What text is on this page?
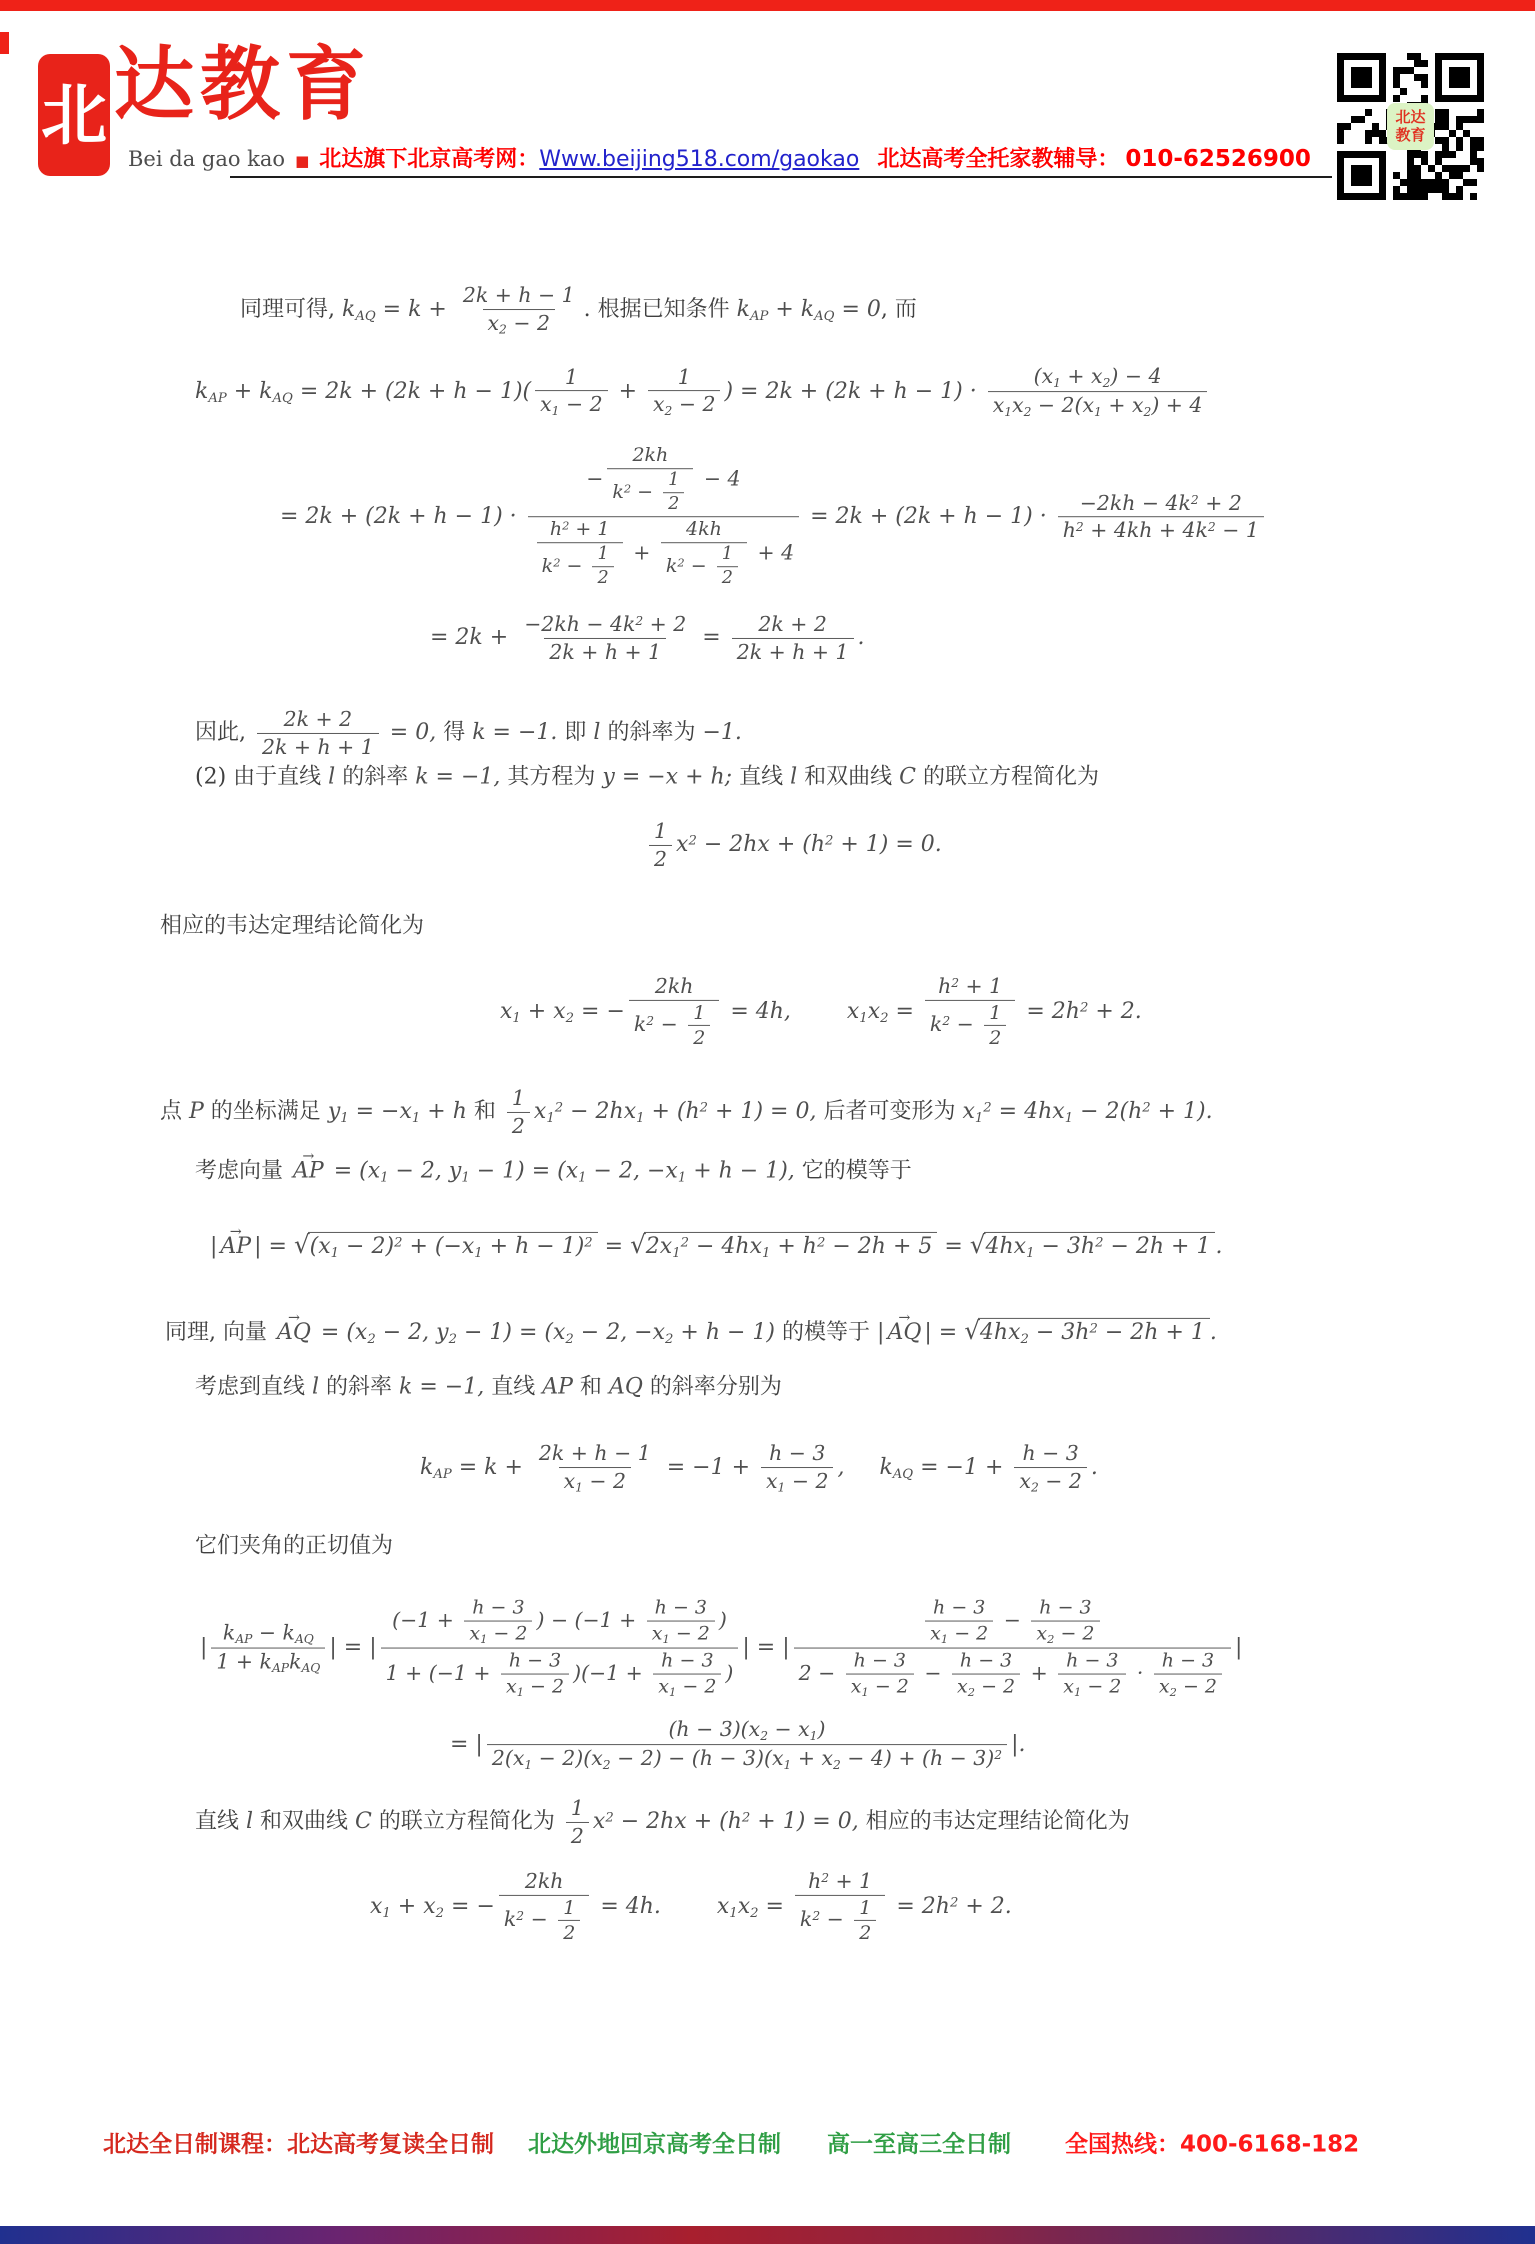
北 达教育
Bei da gao kao ■ 北达旗下北京高考网： Www.beijing518.com/gaokao 北达高考全托家教辅导： 010-62526900
北达
教育
同理可得, $k_{AQ} = k + \frac{2k + h - 1}{x_2 - 2}$ . 根据已知条件 $k_{AP} + k_{AQ} = 0$, 而
$k_{AP} + k_{AQ} = 2k + (2k + h - 1)( \frac{1}{x_1 - 2} + \frac{1}{x_2 - 2}$ ) = $2k + (2k + h - 1) \cdot \frac{(x_1 + x_2) - 4}{x_1x_2 - 2(x_1 + x_2) + 4}$
= $2k + (2k + h - 1) \cdot \frac{- \frac{2kh}{k^2 - \frac{1}{2}} - 4}{\frac{h^2 + 1}{k^2 - \frac{1}{2}} + \frac{4kh}{k^2 - \frac{1}{2}} + 4} = 2k + (2k + h - 1) \cdot \frac{-2kh - 4k^2 + 2}{h^2 + 4kh + 4k^2 - 1}$
= $2k + \frac{-2kh - 4k^2 + 2}{2k + h + 1} = \frac{2k + 2}{2k + h + 1}$ .
因此, $\frac{2k + 2}{2k + h + 1} = 0$, 得 k = −1. 即 l 的斜率为 −1.
(2) 由于直线 l 的斜率 k = −1, 其方程为 y = −x + h; 直线 l 和双曲线 C 的联立方程简化为
$\frac{1}{2} x^2 - 2hx + (h^2 + 1) = 0$.
相应的韦达定理结论简化为
$x_1 + x_2$ = − $\frac{2kh}{k^2 - \frac{1}{2}} = 4h$,	$x_1x_2 = \frac{h^2 + 1}{k^2 - \frac{1}{2}} = 2h^2 + 2$.
点 P 的坐标满足 $y_1 = -x_1 + h$ 和 $\frac{1}{2} x_1^2 - 2hx_1 + (h^2 + 1) = 0$, 后者可变形为 $x_1^2 = 4hx_1 - 2(h^2 + 1)$.
考虑向量 AP → = ($x_1 - 2$, $y_1 - 1) = (x_1 - 2$, $-x_1 + h - 1$), 它的模等于
| AP → | = √ $(x_1 - 2)^2 + (-x_1 + h - 1)^2$ = √ $2x_1^2 - 4hx_1 + h^2 - 2h + 5$ = √ $4hx_1 - 3h^2 - 2h + 1$ .
同理, 向量 AQ → = ($x_2 - 2$, $y_2 - 1) = (x_2 - 2$, $-x_2 + h - 1$) 的模等于 | AQ → | = √ $4hx_2 - 3h^2 - 2h + 1$ .
考虑到直线 l 的斜率 k = −1, 直线 AP 和 AQ 的斜率分别为
$k_{AP} = k + \frac{2k + h - 1}{x_1 - 2} = -1 + \frac{h - 3}{x_1 - 2}$ , $k_{AQ} = -1 + \frac{h - 3}{x_2 - 2}$ .
它们夹角的正切值为
| $\frac{k_{AP} - k_{AQ}}{1 + k_{AP}k_{AQ}}$ | = | $\frac{(-1 + \frac{h - 3}{x_1 - 2} ) - (-1 + \frac{h - 3}{x_1 - 2} )}{1 + (-1 + \frac{h - 3}{x_1 - 2} )(-1 + \frac{h - 3}{x_1 - 2} )}$ | = | $\frac{\frac{h - 3}{x_1 - 2} - \frac{h - 3}{x_2 - 2}}{2 - \frac{h - 3}{x_1 - 2} - \frac{h - 3}{x_2 - 2} + \frac{h - 3}{x_1 - 2} \cdot \frac{h - 3}{x_2 - 2}}$ |
= | $\frac{(h - 3)(x_2 - x_1)}{2(x_1 - 2)(x_2 - 2) - (h - 3)(x_1 + x_2 - 4) + (h - 3)^2}$ |.
直线 l 和双曲线 C 的联立方程简化为 $\frac{1}{2} x^2 - 2hx + (h^2 + 1) = 0$, 相应的韦达定理结论简化为
$x_1 + x_2$ = − $\frac{2kh}{k^2 - \frac{1}{2}} = 4h$.	$x_1x_2 = \frac{h^2 + 1}{k^2 - \frac{1}{2}} = 2h^2 + 2$.
北达全日制课程： 北达高考复读全日制 北达外地回京高考全日制 高一至高三全日制 全国热线： 400-6168-182
